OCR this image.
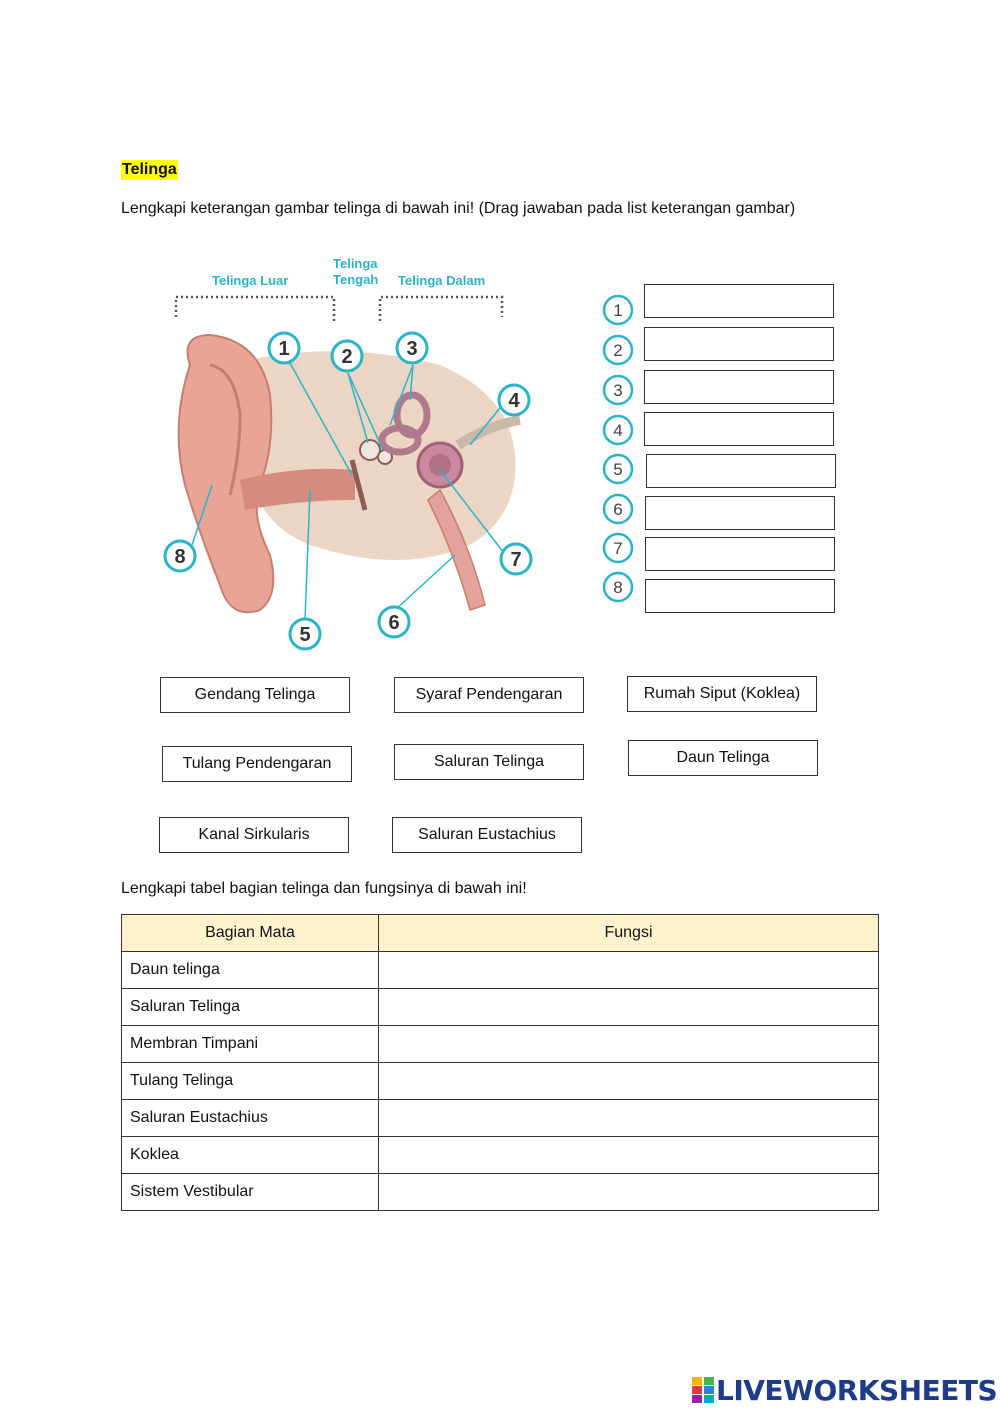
Telinga
Lengkapi keterangan gambar telinga di bawah ini! (Drag jawaban pada list keterangan gambar)
Telinga Luar
Telinga
Tengah Telinga Dalam
1	2	3
4
5
6
7
8
1
2
3
4
5
6
7
8
Gendang Telinga	Syaraf Pendengaran	Rumah Siput (Koklea)
Tulang Pendengaran	Saluran Telinga	Daun Telinga
Kanal Sirkularis	Saluran Eustachius
Lengkapi tabel bagian telinga dan fungsinya di bawah ini!
Bagian Mata	Fungsi
Daun telinga	
Saluran Telinga	
Membran Timpani	
Tulang Telinga	
Saluran Eustachius	
Koklea	
Sistem Vestibular	
LIVEWORKSHEETS
